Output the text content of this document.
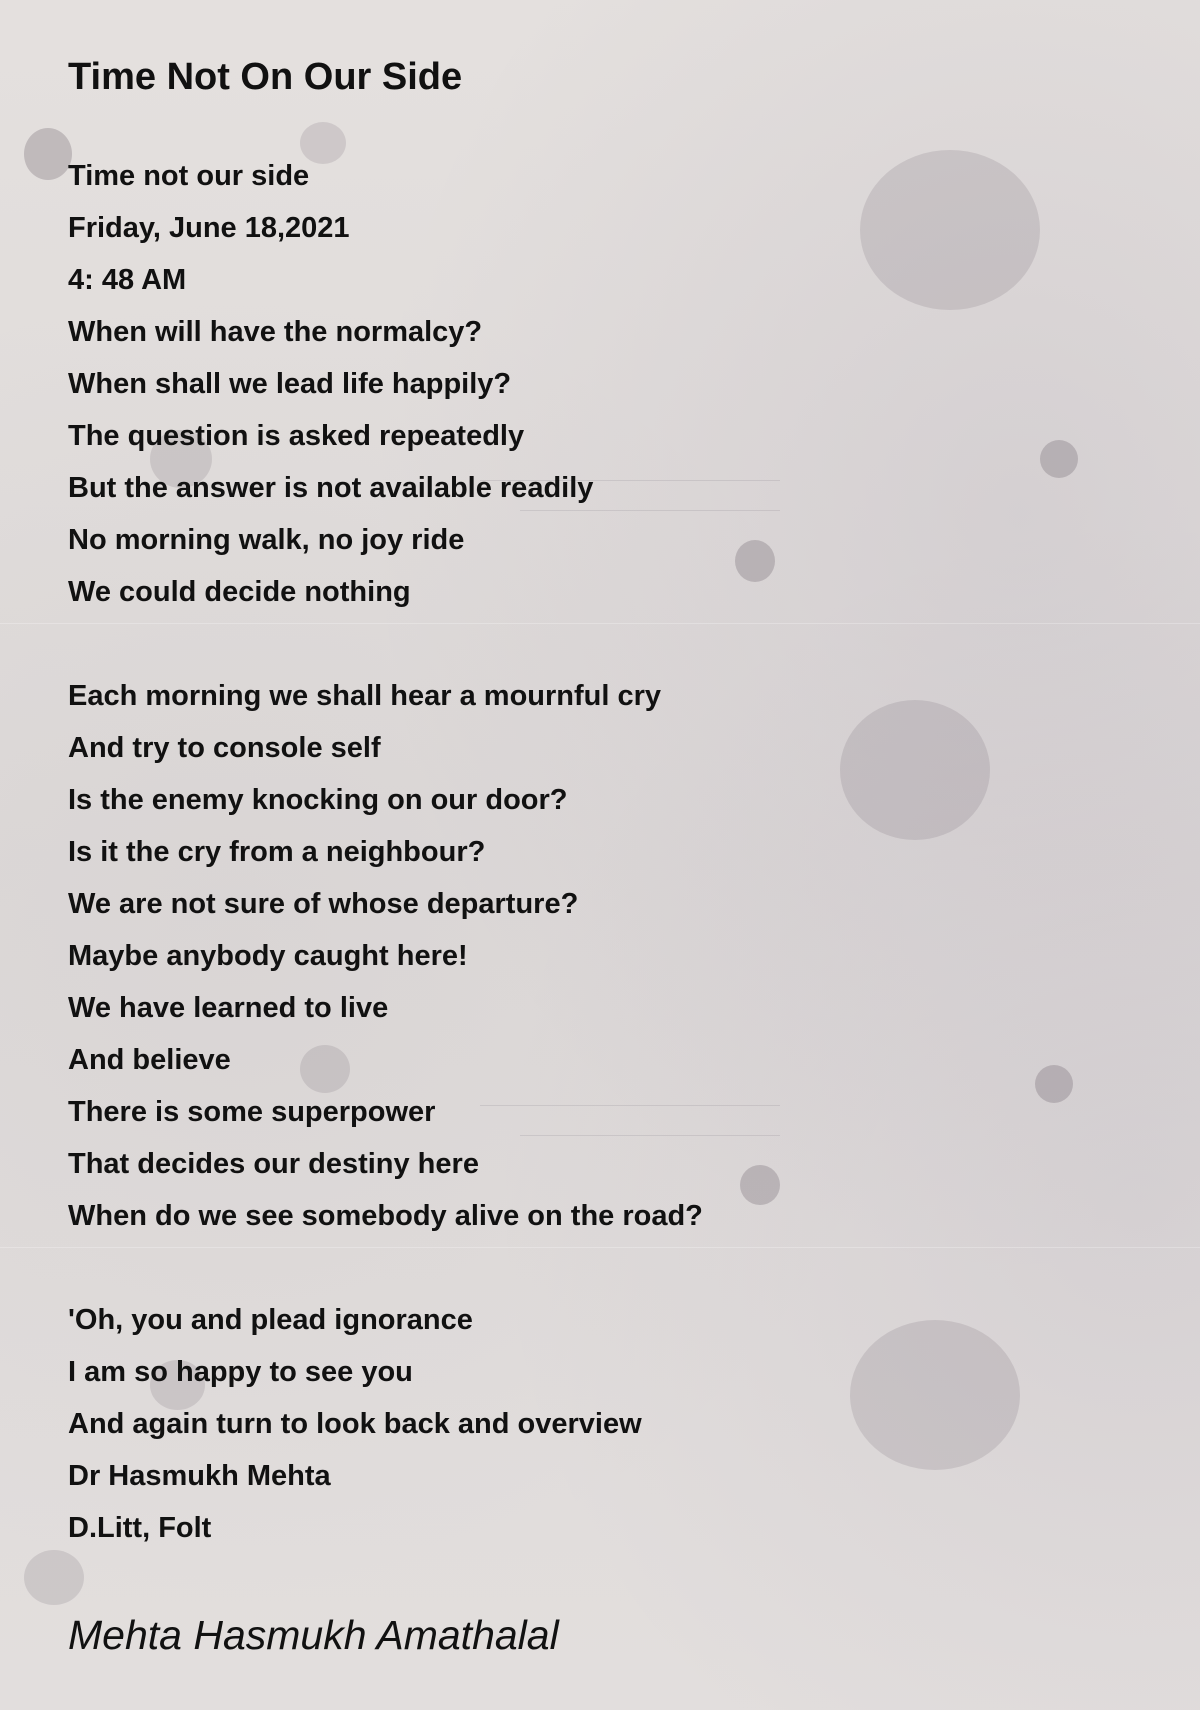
Time Not On Our Side
Time not our side
Friday, June 18,2021
4: 48 AM
When will have the normalcy?
When shall we lead life happily?
The question is asked repeatedly
But the answer is not available readily
No morning walk, no joy ride
We could decide nothing
Each morning we shall hear a mournful cry
And try to console self
Is the enemy knocking on our door?
Is it the cry from a neighbour?
We are not sure of whose departure?
Maybe anybody caught here!
We have learned to live
And believe
There is some superpower
That decides our destiny here
When do we see somebody alive on the road?
'Oh, you and plead ignorance
I am so happy to see you
And again turn to look back and overview
Dr Hasmukh Mehta
D.Litt, Folt
Mehta Hasmukh Amathalal
